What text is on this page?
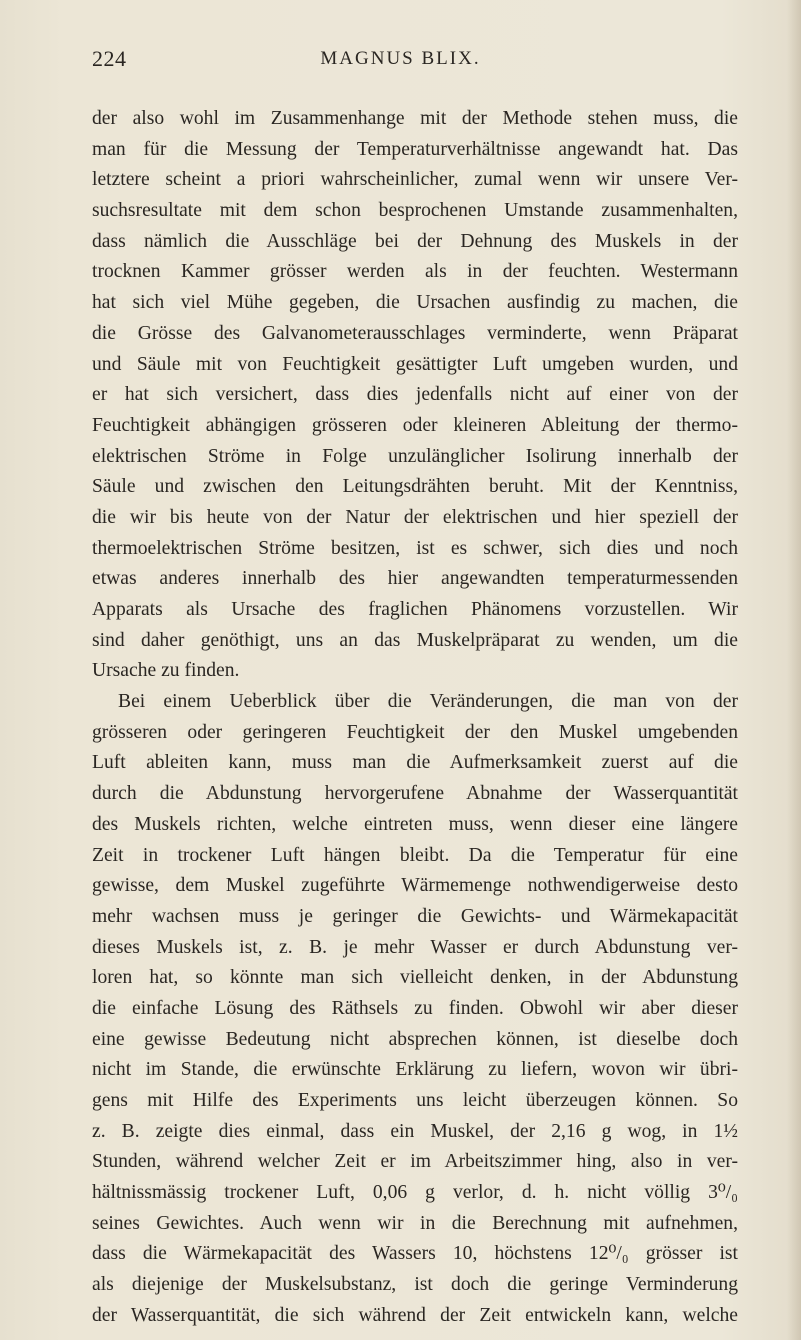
224	MAGNUS BLIX.
der also wohl im Zusammenhange mit der Methode stehen muss, die
man für die Messung der Temperaturverhältnisse angewandt hat. Das
letztere scheint a priori wahrscheinlicher, zumal wenn wir unsere Ver-
suchsresultate mit dem schon besprochenen Umstande zusammenhalten,
dass nämlich die Ausschläge bei der Dehnung des Muskels in der
trocknen Kammer grösser werden als in der feuchten. Westermann
hat sich viel Mühe gegeben, die Ursachen ausfindig zu machen, die
die Grösse des Galvanometerausschlages verminderte, wenn Präparat
und Säule mit von Feuchtigkeit gesättigter Luft umgeben wurden, und
er hat sich versichert, dass dies jedenfalls nicht auf einer von der
Feuchtigkeit abhängigen grösseren oder kleineren Ableitung der thermo-
elektrischen Ströme in Folge unzulänglicher Isolirung innerhalb der
Säule und zwischen den Leitungsdrähten beruht. Mit der Kenntniss,
die wir bis heute von der Natur der elektrischen und hier speziell der
thermoelektrischen Ströme besitzen, ist es schwer, sich dies und noch
etwas anderes innerhalb des hier angewandten temperaturmessenden
Apparats als Ursache des fraglichen Phänomens vorzustellen. Wir
sind daher genöthigt, uns an das Muskelpräparat zu wenden, um die
Ursache zu finden.
Bei einem Ueberblick über die Veränderungen, die man von der
grösseren oder geringeren Feuchtigkeit der den Muskel umgebenden
Luft ableiten kann, muss man die Aufmerksamkeit zuerst auf die
durch die Abdunstung hervorgerufene Abnahme der Wasserquantität
des Muskels richten, welche eintreten muss, wenn dieser eine längere
Zeit in trockener Luft hängen bleibt. Da die Temperatur für eine
gewisse, dem Muskel zugeführte Wärmemenge nothwendigerweise desto
mehr wachsen muss je geringer die Gewichts- und Wärmekapacität
dieses Muskels ist, z. B. je mehr Wasser er durch Abdunstung ver-
loren hat, so könnte man sich vielleicht denken, in der Abdunstung
die einfache Lösung des Räthsels zu finden. Obwohl wir aber dieser
eine gewisse Bedeutung nicht absprechen können, ist dieselbe doch
nicht im Stande, die erwünschte Erklärung zu liefern, wovon wir übri-
gens mit Hilfe des Experiments uns leicht überzeugen können. So
z. B. zeigte dies einmal, dass ein Muskel, der 2,16 g wog, in 1½
Stunden, während welcher Zeit er im Arbeitszimmer hing, also in ver-
hältnissmässig trockener Luft, 0,06 g verlor, d. h. nicht völlig 3⁰/₀
seines Gewichtes. Auch wenn wir in die Berechnung mit aufnehmen,
dass die Wärmekapacität des Wassers 10, höchstens 12⁰/₀ grösser ist
als diejenige der Muskelsubstanz, ist doch die geringe Verminderung
der Wasserquantität, die sich während der Zeit entwickeln kann, welche
